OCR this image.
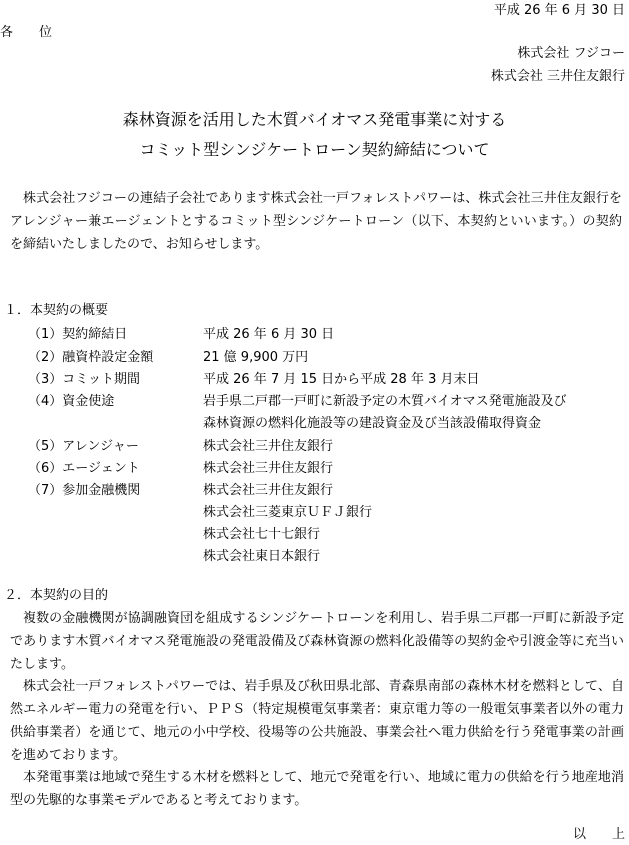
平成 26 年 6 月 30 日
各　　位
株式会社 フジコー
株式会社 三井住友銀行
森林資源を活用した木質バイオマス発電事業に対する
コミット型シンジケートローン契約締結について
株式会社フジコーの連結子会社であります株式会社一戸フォレストパワーは、株式会社三井住友銀行をアレンジャー兼エージェントとするコミット型シンジケートローン（以下、本契約といいます。）の契約を締結いたしましたので、お知らせします。
１．本契約の概要
（1）契約締結日	平成 26 年 6 月 30 日
（2）融資枠設定金額	21 億 9,900 万円
（3）コミット期間	平成 26 年 7 月 15 日から平成 28 年 3 月末日
（4）資金使途	岩手県二戸郡一戸町に新設予定の木質バイオマス発電施設及び
森林資源の燃料化施設等の建設資金及び当該設備取得資金
（5）アレンジャー	株式会社三井住友銀行
（6）エージェント	株式会社三井住友銀行
（7）参加金融機関	株式会社三井住友銀行
株式会社三菱東京ＵＦＪ銀行
株式会社七十七銀行
株式会社東日本銀行
２．本契約の目的
複数の金融機関が協調融資団を組成するシンジケートローンを利用し、岩手県二戸郡一戸町に新設予定であります木質バイオマス発電施設の発電設備及び森林資源の燃料化設備等の契約金や引渡金等に充当いたします。
株式会社一戸フォレストパワーでは、岩手県及び秋田県北部、青森県南部の森林木材を燃料として、自然エネルギー電力の発電を行い、ＰＰＳ（特定規模電気事業者：東京電力等の一般電気事業者以外の電力供給事業者）を通じて、地元の小中学校、役場等の公共施設、事業会社へ電力供給を行う発電事業の計画を進めております。
本発電事業は地域で発生する木材を燃料として、地元で発電を行い、地域に電力の供給を行う地産地消型の先駆的な事業モデルであると考えております。
以　　上
